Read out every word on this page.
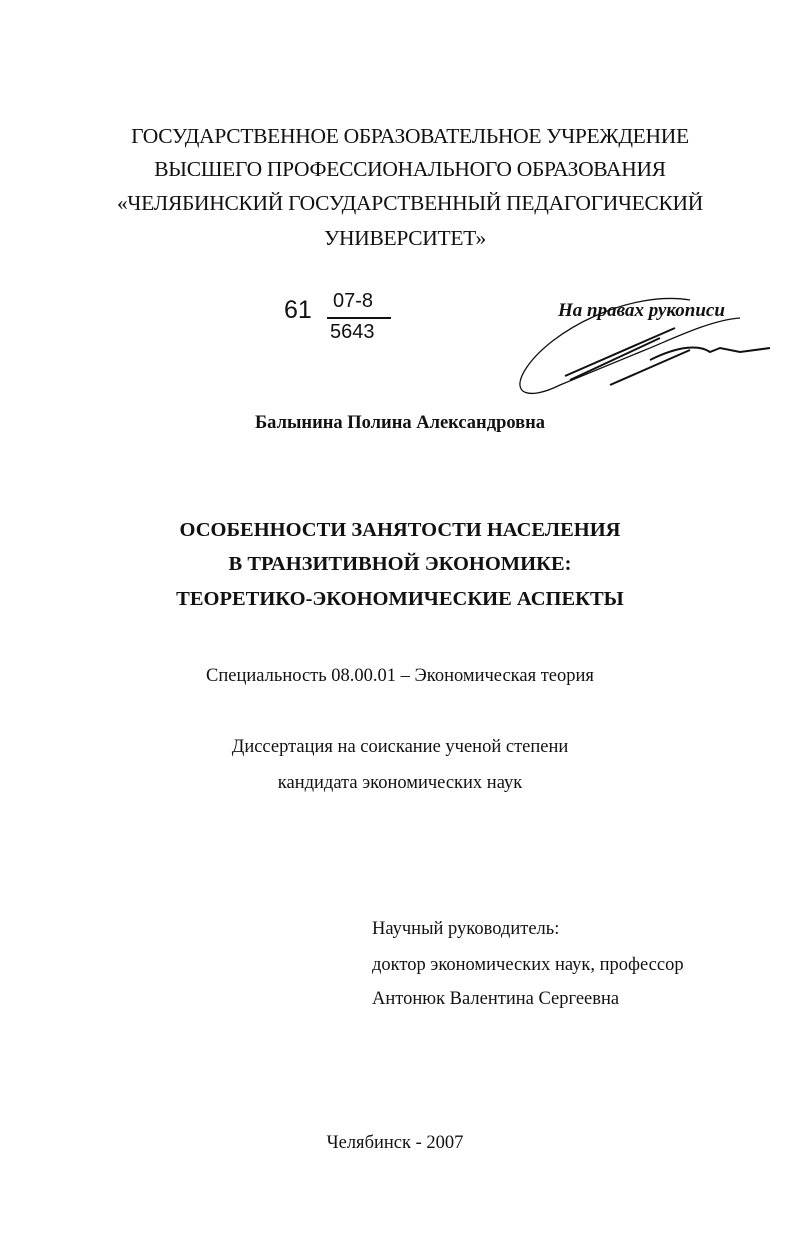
ГОСУДАРСТВЕННОЕ ОБРАЗОВАТЕЛЬНОЕ УЧРЕЖДЕНИЕ
ВЫСШЕГО ПРОФЕССИОНАЛЬНОГО ОБРАЗОВАНИЯ
«ЧЕЛЯБИНСКИЙ ГОСУДАРСТВЕННЫЙ ПЕДАГОГИЧЕСКИЙ
УНИВЕРСИТЕТ»
61 07-8
5643
На правах рукописи
Балынина Полина Александровна
ОСОБЕННОСТИ ЗАНЯТОСТИ НАСЕЛЕНИЯ
В ТРАНЗИТИВНОЙ ЭКОНОМИКЕ:
ТЕОРЕТИКО-ЭКОНОМИЧЕСКИЕ АСПЕКТЫ
Специальность 08.00.01 – Экономическая теория
Диссертация на соискание ученой степени
кандидата экономических наук
Научный руководитель:
доктор экономических наук, профессор
Антонюк Валентина Сергеевна
Челябинск - 2007
